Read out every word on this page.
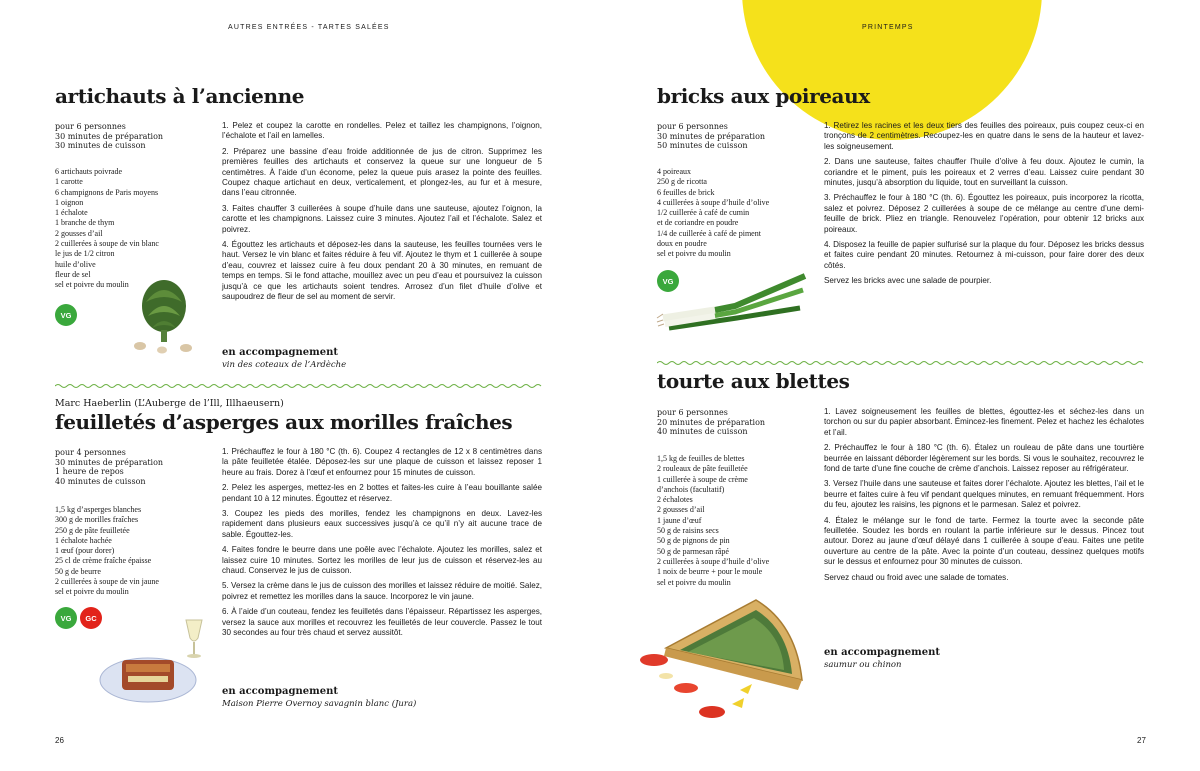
AUTRES ENTRÉES - TARTES SALÉES
artichauts à l’ancienne
pour 6 personnes
30 minutes de préparation
30 minutes de cuisson
6 artichauts poivrade
1 carotte
6 champignons de Paris moyens
1 oignon
1 échalote
1 branche de thym
2 gousses d’ail
2 cuillerées à soupe de vin blanc
le jus de 1/2 citron
huile d’olive
fleur de sel
sel et poivre du moulin
VG

1. Pelez et coupez la carotte en rondelles. Pelez et taillez les champignons, l’oignon, l’échalote et l’ail en lamelles.

2. Préparez une bassine d’eau froide additionnée de jus de citron. Supprimez les premières feuilles des artichauts et conservez la queue sur une longueur de 5 centimètres. À l’aide d’un économe, pelez la queue puis arasez la pointe des feuilles. Coupez chaque artichaut en deux, verticalement, et plongez-les, au fur et à mesure, dans l’eau citronnée.

3. Faites chauffer 3 cuillerées à soupe d’huile dans une sauteuse, ajoutez l’oignon, la carotte et les champignons. Laissez cuire 3 minutes. Ajoutez l’ail et l’échalote. Salez et poivrez.

4. Égouttez les artichauts et déposez-les dans la sauteuse, les feuilles tournées vers le haut. Versez le vin blanc et faites réduire à feu vif. Ajoutez le thym et 1 cuillerée à soupe d’eau, couvrez et laissez cuire à feu doux pendant 20 à 30 minutes, en remuant de temps en temps. Si le fond attache, mouillez avec un peu d’eau et poursuivez la cuisson jusqu’à ce que les artichauts soient tendres. Arrosez d’un filet d’huile d’olive et saupoudrez de fleur de sel au moment de servir.

en accompagnement
vin des coteaux de l’Ardèche
Marc Haeberlin (L’Auberge de l’Ill, Illhaeusern)
feuilletés d’asperges aux morilles fraîches
pour 4 personnes
30 minutes de préparation
1 heure de repos
40 minutes de cuisson
1,5 kg d’asperges blanches
300 g de morilles fraîches
250 g de pâte feuilletée
1 échalote hachée
1 œuf (pour dorer)
25 cl de crème fraîche épaisse
50 g de beurre
2 cuillerées à soupe de vin jaune
sel et poivre du moulin
VG	GC

1. Préchauffez le four à 180 °C (th. 6). Coupez 4 rectangles de 12 x 8 centimètres dans la pâte feuilletée étalée. Déposez-les sur une plaque de cuisson et laissez reposer 1 heure au frais. Dorez à l’œuf et enfournez pour 15 minutes de cuisson.

2. Pelez les asperges, mettez-les en 2 bottes et faites-les cuire à l’eau bouillante salée pendant 10 à 12 minutes. Égouttez et réservez.

3. Coupez les pieds des morilles, fendez les champignons en deux. Lavez-les rapidement dans plusieurs eaux successives jusqu’à ce qu’il n’y ait aucune trace de sable. Égouttez-les.

4. Faites fondre le beurre dans une poêle avec l’échalote. Ajoutez les morilles, salez et laissez cuire 10 minutes. Sortez les morilles de leur jus de cuisson et réservez-les au chaud. Conservez le jus de cuisson.

5. Versez la crème dans le jus de cuisson des morilles et laissez réduire de moitié. Salez, poivrez et remettez les morilles dans la sauce. Incorporez le vin jaune.

6. À l’aide d’un couteau, fendez les feuilletés dans l’épaisseur. Répartissez les asperges, versez la sauce aux morilles et recouvrez les feuilletés de leur couvercle. Passez le tout 30 secondes au four très chaud et servez aussitôt.

en accompagnement
Maison Pierre Overnoy savagnin blanc (Jura)
26
PRINTEMPS
bricks aux poireaux
pour 6 personnes
30 minutes de préparation
50 minutes de cuisson
4 poireaux
250 g de ricotta
6 feuilles de brick
4 cuillerées à soupe d’huile d’olive
1/2 cuillerée à café de cumin
et de coriandre en poudre
1/4 de cuillerée à café de piment
doux en poudre
sel et poivre du moulin
VG

1. Retirez les racines et les deux tiers des feuilles des poireaux, puis coupez ceux-ci en tronçons de 2 centimètres. Recoupez-les en quatre dans le sens de la hauteur et lavez-les soigneusement.

2. Dans une sauteuse, faites chauffer l’huile d’olive à feu doux. Ajoutez le cumin, la coriandre et le piment, puis les poireaux et 2 verres d’eau. Laissez cuire pendant 30 minutes, jusqu’à absorption du liquide, tout en surveillant la cuisson.

3. Préchauffez le four à 180 °C (th. 6). Égouttez les poireaux, puis incorporez la ricotta, salez et poivrez. Déposez 2 cuillerées à soupe de ce mélange au centre d’une demi-feuille de brick. Pliez en triangle. Renouvelez l’opération, pour obtenir 12 bricks aux poireaux.

4. Disposez la feuille de papier sulfurisé sur la plaque du four. Déposez les bricks dessus et faites cuire pendant 20 minutes. Retournez à mi-cuisson, pour faire dorer des deux côtés.

Servez les bricks avec une salade de pourpier.

tourte aux blettes
pour 6 personnes
20 minutes de préparation
40 minutes de cuisson
1,5 kg de feuilles de blettes
2 rouleaux de pâte feuilletée
1 cuillerée à soupe de crème
d’anchois (facultatif)
2 échalotes
2 gousses d’ail
1 jaune d’œuf
50 g de raisins secs
50 g de pignons de pin
50 g de parmesan râpé
2 cuillerées à soupe d’huile d’olive
1 noix de beurre + pour le moule
sel et poivre du moulin

1. Lavez soigneusement les feuilles de blettes, égouttez-les et séchez-les dans un torchon ou sur du papier absorbant. Émincez-les finement. Pelez et hachez les échalotes et l’ail.

2. Préchauffez le four à 180 °C (th. 6). Étalez un rouleau de pâte dans une tourtière beurrée en laissant déborder légèrement sur les bords. Si vous le souhaitez, recouvrez le fond de tarte d’une fine couche de crème d’anchois. Laissez reposer au réfrigérateur.

3. Versez l’huile dans une sauteuse et faites dorer l’échalote. Ajoutez les blettes, l’ail et le beurre et faites cuire à feu vif pendant quelques minutes, en remuant fréquemment. Hors du feu, ajoutez les raisins, les pignons et le parmesan. Salez et poivrez.

4. Étalez le mélange sur le fond de tarte. Fermez la tourte avec la seconde pâte feuilletée. Soudez les bords en roulant la partie inférieure sur le dessus. Pincez tout autour. Dorez au jaune d’œuf délayé dans 1 cuillerée à soupe d’eau. Faites une petite ouverture au centre de la pâte. Avec la pointe d’un couteau, dessinez quelques motifs sur le dessus et enfournez pour 30 minutes de cuisson.

Servez chaud ou froid avec une salade de tomates.

en accompagnement
saumur ou chinon
27
